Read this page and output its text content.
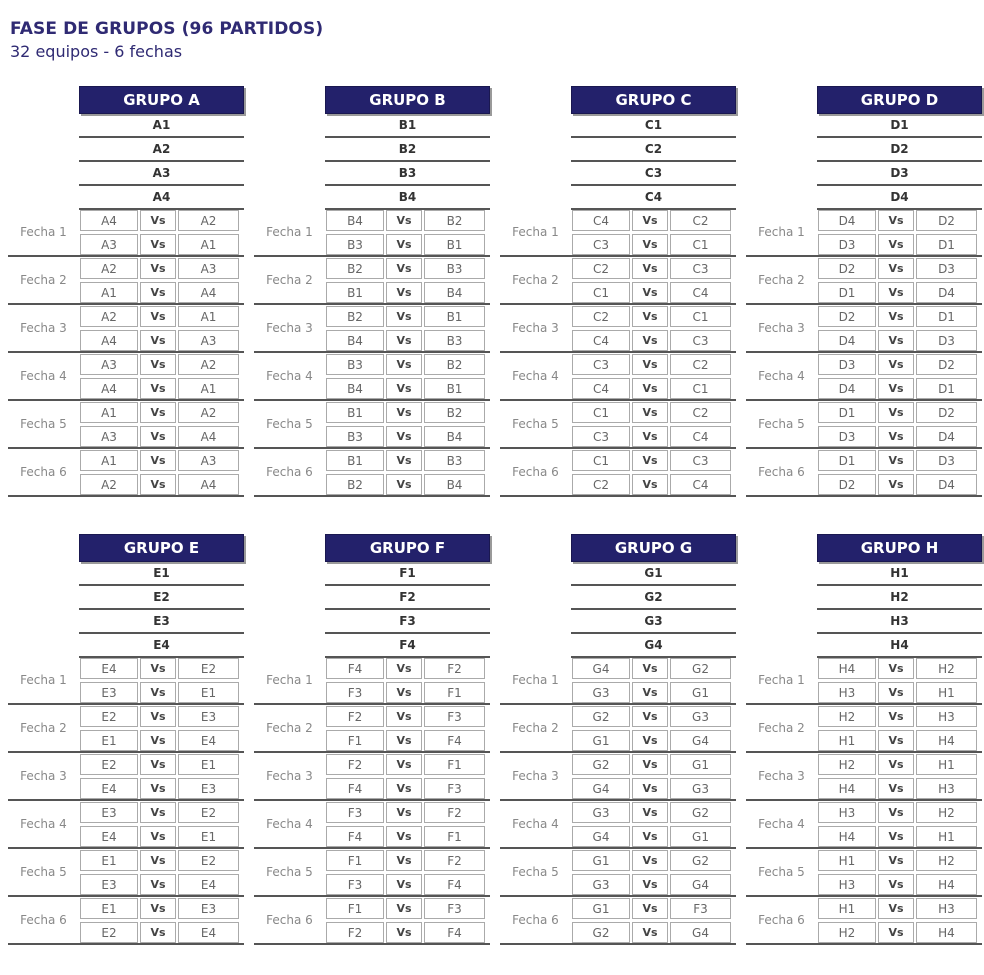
FASE DE GRUPOS (96 PARTIDOS)
32 equipos - 6 fechas
GRUPO A
A1
A2
A3
A4
Fecha 1
A4	Vs	A2
A3	Vs	A1
Fecha 2
A2	Vs	A3
A1	Vs	A4
Fecha 3
A2	Vs	A1
A4	Vs	A3
Fecha 4
A3	Vs	A2
A4	Vs	A1
Fecha 5
A1	Vs	A2
A3	Vs	A4
Fecha 6
A1	Vs	A3
A2	Vs	A4
GRUPO B
B1
B2
B3
B4
Fecha 1
B4	Vs	B2
B3	Vs	B1
Fecha 2
B2	Vs	B3
B1	Vs	B4
Fecha 3
B2	Vs	B1
B4	Vs	B3
Fecha 4
B3	Vs	B2
B4	Vs	B1
Fecha 5
B1	Vs	B2
B3	Vs	B4
Fecha 6
B1	Vs	B3
B2	Vs	B4
GRUPO C
C1
C2
C3
C4
Fecha 1
C4	Vs	C2
C3	Vs	C1
Fecha 2
C2	Vs	C3
C1	Vs	C4
Fecha 3
C2	Vs	C1
C4	Vs	C3
Fecha 4
C3	Vs	C2
C4	Vs	C1
Fecha 5
C1	Vs	C2
C3	Vs	C4
Fecha 6
C1	Vs	C3
C2	Vs	C4
GRUPO D
D1
D2
D3
D4
Fecha 1
D4	Vs	D2
D3	Vs	D1
Fecha 2
D2	Vs	D3
D1	Vs	D4
Fecha 3
D2	Vs	D1
D4	Vs	D3
Fecha 4
D3	Vs	D2
D4	Vs	D1
Fecha 5
D1	Vs	D2
D3	Vs	D4
Fecha 6
D1	Vs	D3
D2	Vs	D4
GRUPO E
E1
E2
E3
E4
Fecha 1
E4	Vs	E2
E3	Vs	E1
Fecha 2
E2	Vs	E3
E1	Vs	E4
Fecha 3
E2	Vs	E1
E4	Vs	E3
Fecha 4
E3	Vs	E2
E4	Vs	E1
Fecha 5
E1	Vs	E2
E3	Vs	E4
Fecha 6
E1	Vs	E3
E2	Vs	E4
GRUPO F
F1
F2
F3
F4
Fecha 1
F4	Vs	F2
F3	Vs	F1
Fecha 2
F2	Vs	F3
F1	Vs	F4
Fecha 3
F2	Vs	F1
F4	Vs	F3
Fecha 4
F3	Vs	F2
F4	Vs	F1
Fecha 5
F1	Vs	F2
F3	Vs	F4
Fecha 6
F1	Vs	F3
F2	Vs	F4
GRUPO G
G1
G2
G3
G4
Fecha 1
G4	Vs	G2
G3	Vs	G1
Fecha 2
G2	Vs	G3
G1	Vs	G4
Fecha 3
G2	Vs	G1
G4	Vs	G3
Fecha 4
G3	Vs	G2
G4	Vs	G1
Fecha 5
G1	Vs	G2
G3	Vs	G4
Fecha 6
G1	Vs	F3
G2	Vs	G4
GRUPO H
H1
H2
H3
H4
Fecha 1
H4	Vs	H2
H3	Vs	H1
Fecha 2
H2	Vs	H3
H1	Vs	H4
Fecha 3
H2	Vs	H1
H4	Vs	H3
Fecha 4
H3	Vs	H2
H4	Vs	H1
Fecha 5
H1	Vs	H2
H3	Vs	H4
Fecha 6
H1	Vs	H3
H2	Vs	H4
